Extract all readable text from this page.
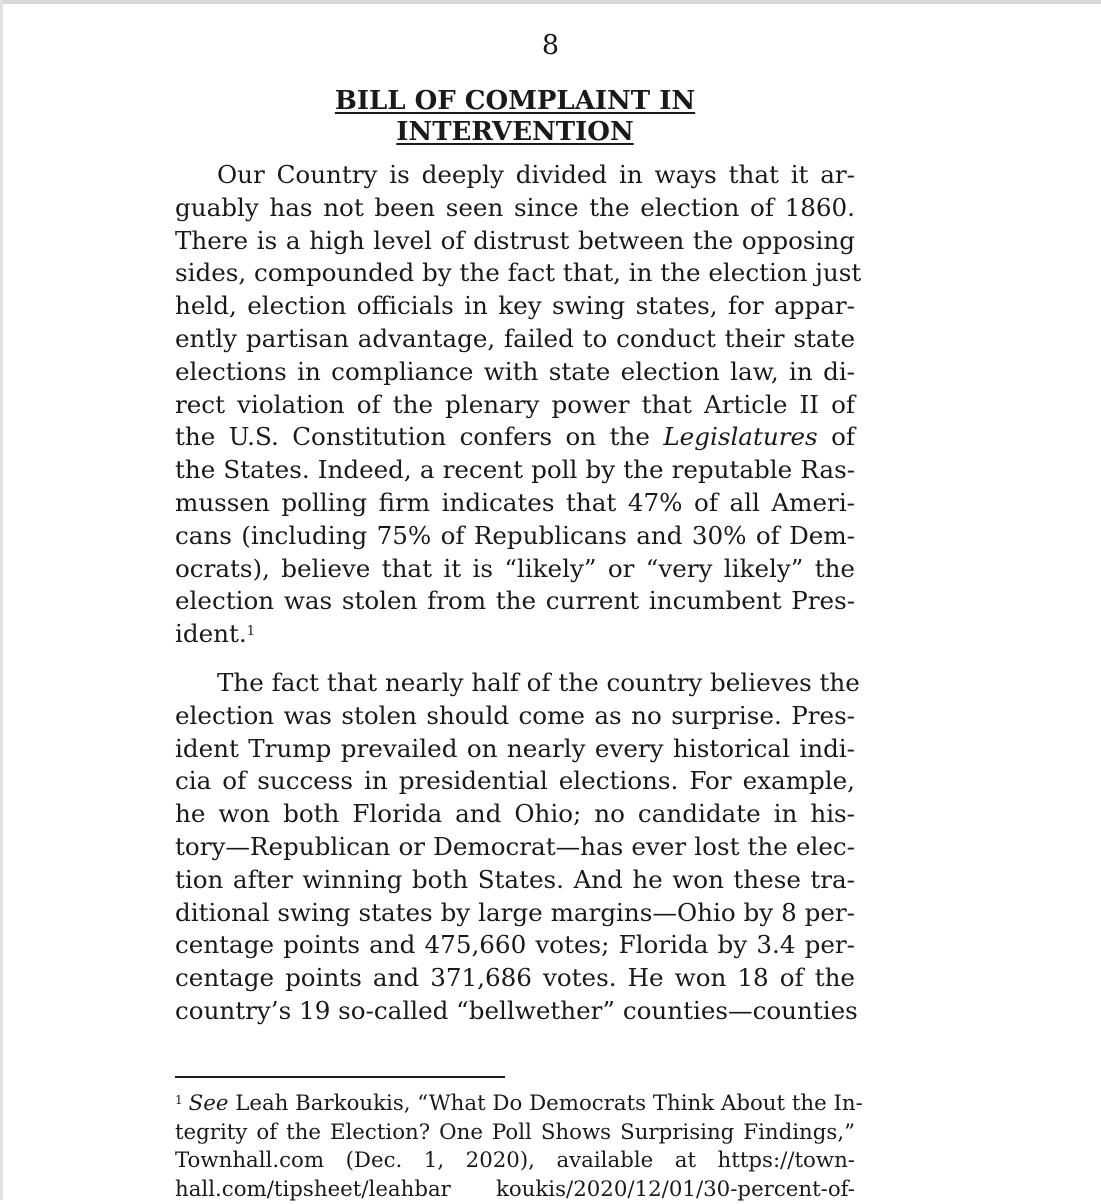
8
BILL OF COMPLAINT IN
INTERVENTION
Our Country is deeply divided in ways that it ar-
guably has not been seen since the election of 1860.
There is a high level of distrust between the opposing
sides, compounded by the fact that, in the election just
held, election officials in key swing states, for appar-
ently partisan advantage, failed to conduct their state
elections in compliance with state election law, in di-
rect violation of the plenary power that Article II of
the U.S. Constitution confers on the Legislatures of
the States. Indeed, a recent poll by the reputable Ras-
mussen polling firm indicates that 47% of all Ameri-
cans (including 75% of Republicans and 30% of Dem-
ocrats), believe that it is “likely” or “very likely” the
election was stolen from the current incumbent Pres-
ident.$^1$
The fact that nearly half of the country believes the
election was stolen should come as no surprise. Pres-
ident Trump prevailed on nearly every historical indi-
cia of success in presidential elections. For example,
he won both Florida and Ohio; no candidate in his-
tory—Republican or Democrat—has ever lost the elec-
tion after winning both States. And he won these tra-
ditional swing states by large margins—Ohio by 8 per-
centage points and 475,660 votes; Florida by 3.4 per-
centage points and 371,686 votes. He won 18 of the
country’s 19 so-called “bellwether” counties—counties
$^1$ See Leah Barkoukis, “What Do Democrats Think About the In-
tegrity of the Election? One Poll Shows Surprising Findings,”
Townhall.com (Dec. 1, 2020), available at https://town-
hall.com/tipsheet/leahbar koukis/2020/12/01/30-percent-of-
